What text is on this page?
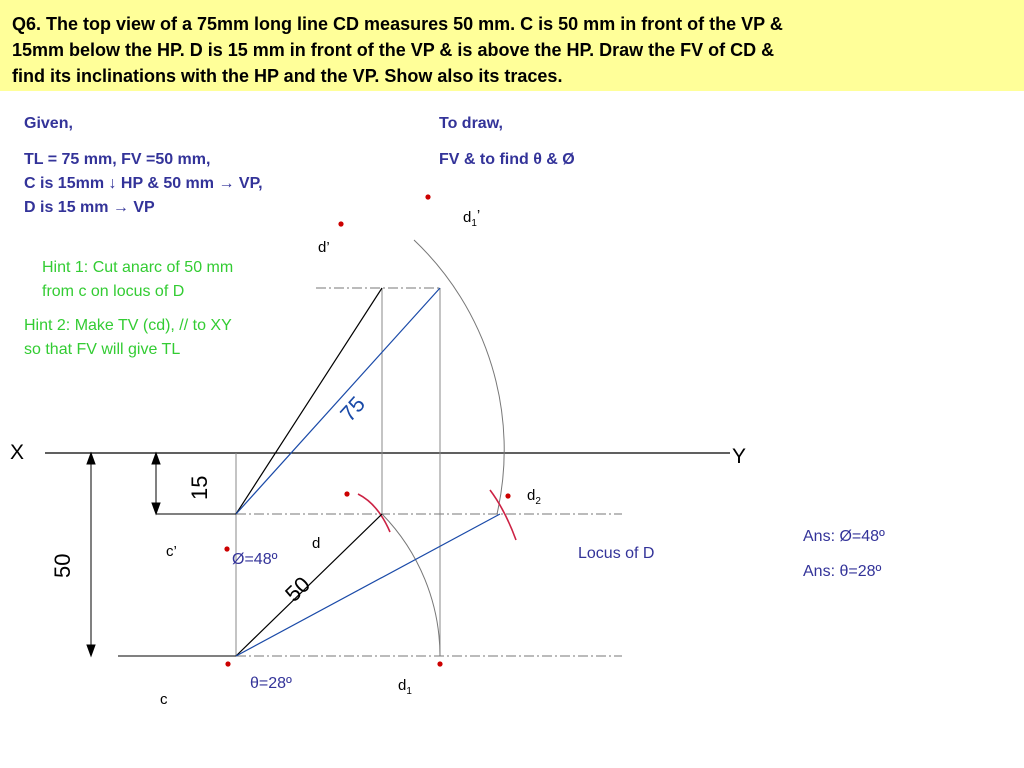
Q6. The top view of a 75mm long line CD measures 50 mm. C is 50 mm in front of the VP &

15mm below the HP. D is 15 mm in front of the VP & is above the HP. Draw the FV of CD &

find its inclinations with the HP and the VP. Show also its traces.

Given,
TL = 75 mm, FV =50 mm,
C is 15mm ↓ HP & 50 mm → VP,
D is 15 mm → VP
To draw,
FV & to find θ & Ø
Hint 1: Cut anarc of 50 mm
from c on locus of D
Hint 2: Make TV (cd), // to XY
so that FV will give TL
X	Y
15
50
50
75
c’
c
d
d’
$d_1$’
$d_1$
$d_2$
Locus of D
Ø=48º
θ=28º
Ans: Ø=48º
Ans: θ=28º
